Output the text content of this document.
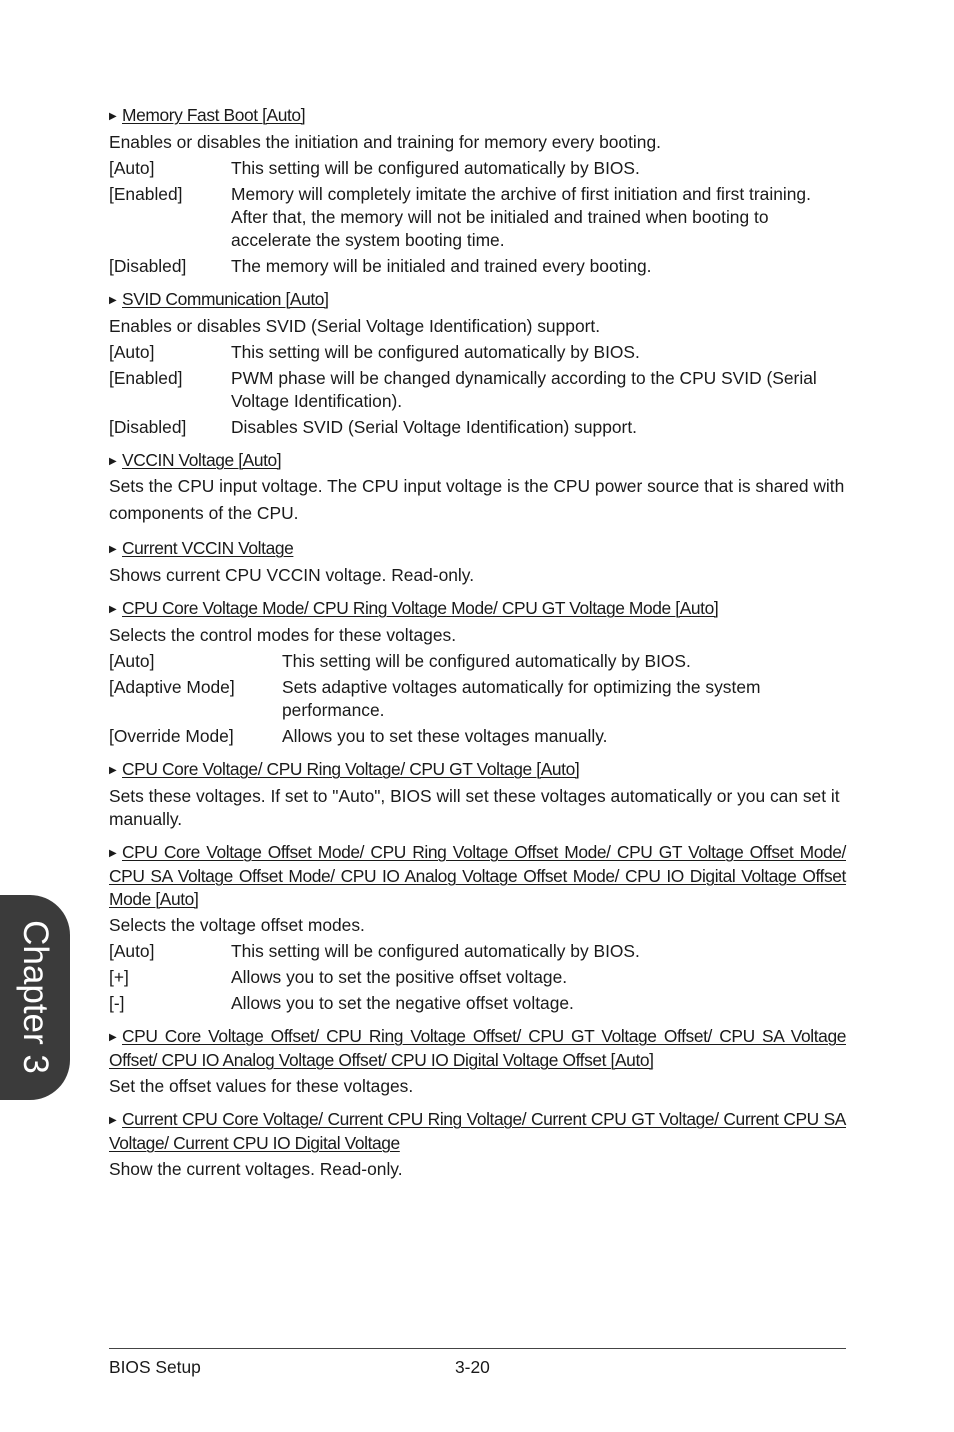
▶ Memory Fast Boot [Auto]
Enables or disables the initiation and training for memory every booting.
[Auto]	This setting will be configured automatically by BIOS.
[Enabled]	Memory will completely imitate the archive of first initiation and first training. After that, the memory will not be initialed and trained when booting to accelerate the system booting time.
[Disabled]	The memory will be initialed and trained every booting.
▶ SVID Communication [Auto]
Enables or disables SVID (Serial Voltage Identification) support.
[Auto]	This setting will be configured automatically by BIOS.
[Enabled]	PWM phase will be changed dynamically according to the CPU SVID (Serial Voltage Identification).
[Disabled]	Disables SVID (Serial Voltage Identification) support.
▶ VCCIN Voltage [Auto]
Sets the CPU input voltage. The CPU input voltage is the CPU power source that is shared with components of the CPU.
▶ Current VCCIN Voltage
Shows current CPU VCCIN voltage. Read-only.
▶ CPU Core Voltage Mode/ CPU Ring Voltage Mode/ CPU GT Voltage Mode [Auto]
Selects the control modes for these voltages.
[Auto]	This setting will be configured automatically by BIOS.
[Adaptive Mode]	Sets adaptive voltages automatically for optimizing the system performance.
[Override Mode]	Allows you to set these voltages manually.
▶ CPU Core Voltage/ CPU Ring Voltage/ CPU GT Voltage [Auto]
Sets these voltages. If set to "Auto", BIOS will set these voltages automatically or you can set it manually.
▶ CPU Core Voltage Offset Mode/ CPU Ring Voltage Offset Mode/ CPU GT Voltage Offset Mode/ CPU SA Voltage Offset Mode/ CPU IO Analog Voltage Offset Mode/ CPU IO Digital Voltage Offset Mode [Auto]
Selects the voltage offset modes.
[Auto]	This setting will be configured automatically by BIOS.
[+]	Allows you to set the positive offset voltage.
[-]	Allows you to set the negative offset voltage.
▶ CPU Core Voltage Offset/ CPU Ring Voltage Offset/ CPU GT Voltage Offset/ CPU SA Voltage Offset/ CPU IO Analog Voltage Offset/ CPU IO Digital Voltage Offset [Auto]
Set the offset values for these voltages.
▶ Current CPU Core Voltage/ Current CPU Ring Voltage/ Current CPU GT Voltage/ Current CPU SA Voltage/ Current CPU IO Digital Voltage
Show the current voltages. Read-only.
Chapter 3
BIOS Setup	3-20
